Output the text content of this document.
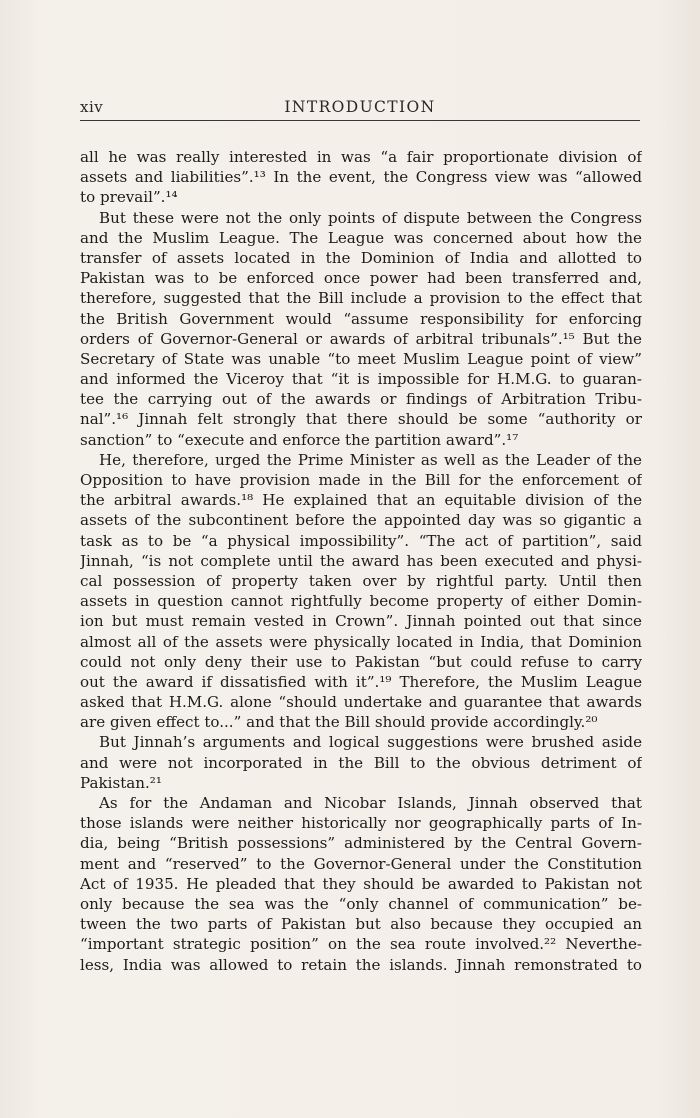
xiv	INTRODUCTION
all he was really interested in was “a fair proportionate division of
assets and liabilities”.¹³ In the event, the Congress view was “allowed
to prevail”.¹⁴
But these were not the only points of dispute between the Congress
and the Muslim League. The League was concerned about how the
transfer of assets located in the Dominion of India and allotted to
Pakistan was to be enforced once power had been transferred and,
therefore, suggested that the Bill include a provision to the effect that
the British Government would “assume responsibility for enforcing
orders of Governor-General or awards of arbitral tribunals”.¹⁵ But the
Secretary of State was unable “to meet Muslim League point of view”
and informed the Viceroy that “it is impossible for H.M.G. to guaran-
tee the carrying out of the awards or findings of Arbitration Tribu-
nal”.¹⁶ Jinnah felt strongly that there should be some “authority or
sanction” to “execute and enforce the partition award”.¹⁷
He, therefore, urged the Prime Minister as well as the Leader of the
Opposition to have provision made in the Bill for the enforcement of
the arbitral awards.¹⁸ He explained that an equitable division of the
assets of the subcontinent before the appointed day was so gigantic a
task as to be “a physical impossibility”. “The act of partition”, said
Jinnah, “is not complete until the award has been executed and physi-
cal possession of property taken over by rightful party. Until then
assets in question cannot rightfully become property of either Domin-
ion but must remain vested in Crown”. Jinnah pointed out that since
almost all of the assets were physically located in India, that Dominion
could not only deny their use to Pakistan “but could refuse to carry
out the award if dissatisfied with it”.¹⁹ Therefore, the Muslim League
asked that H.M.G. alone “should undertake and guarantee that awards
are given effect to...” and that the Bill should provide accordingly.²⁰
But Jinnah’s arguments and logical suggestions were brushed aside
and were not incorporated in the Bill to the obvious detriment of
Pakistan.²¹
As for the Andaman and Nicobar Islands, Jinnah observed that
those islands were neither historically nor geographically parts of In-
dia, being “British possessions” administered by the Central Govern-
ment and “reserved” to the Governor-General under the Constitution
Act of 1935. He pleaded that they should be awarded to Pakistan not
only because the sea was the “only channel of communication” be-
tween the two parts of Pakistan but also because they occupied an
“important strategic position” on the sea route involved.²² Neverthe-
less, India was allowed to retain the islands. Jinnah remonstrated to
